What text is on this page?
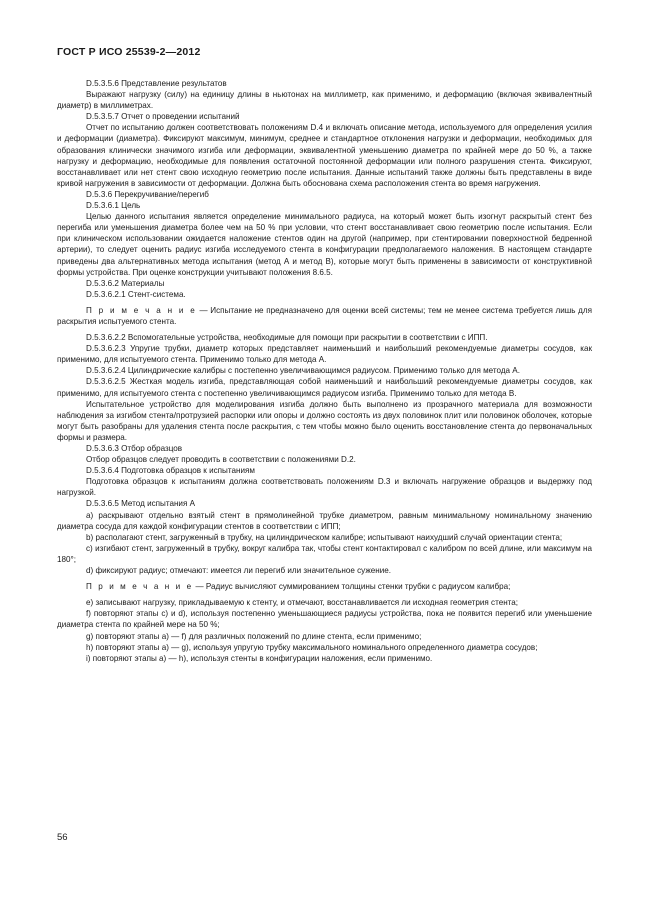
ГОСТ Р ИСО 25539-2—2012

D.5.3.5.6 Представление результатов

Выражают нагрузку (силу) на единицу длины в ньютонах на миллиметр, как применимо, и деформацию (включая эквивалентный диаметр) в миллиметрах.

D.5.3.5.7 Отчет о проведении испытаний

Отчет по испытанию должен соответствовать положениям D.4 и включать описание метода, используемого для определения усилия и деформации (диаметра). Фиксируют максимум, минимум, среднее и стандартное отклонения нагрузки и деформации, необходимых для образования клинически значимого изгиба или деформации, эквивалентной уменьшению диаметра по крайней мере до 50 %, а также нагрузку и деформацию, необходимые для появления остаточной постоянной деформации или полного разрушения стента. Фиксируют, восстанавливает или нет стент свою исходную геометрию после испытания. Данные испытаний также должны быть представлены в виде кривой нагружения в зависимости от деформации. Должна быть обоснована схема расположения стента во время нагружения.

D.5.3.6 Перекручивание/перегиб

D.5.3.6.1 Цель

Целью данного испытания является определение минимального радиуса, на который может быть изогнут раскрытый стент без перегиба или уменьшения диаметра более чем на 50 % при условии, что стент восстанавливает свою геометрию после испытания. Если при клиническом использовании ожидается наложение стентов один на другой (например, при стентировании поверхностной бедренной артерии), то следует оценить радиус изгиба исследуемого стента в конфигурации предполагаемого наложения. В настоящем стандарте приведены два альтернативных метода испытания (метод А и метод В), которые могут быть применены в зависимости от конструктивной формы устройства. При оценке конструкции учитывают положения 8.6.5.

D.5.3.6.2 Материалы

D.5.3.6.2.1 Стент-система.

П р и м е ч а н и е — Испытание не предназначено для оценки всей системы; тем не менее система требуется лишь для раскрытия испытуемого стента.

D.5.3.6.2.2 Вспомогательные устройства, необходимые для помощи при раскрытии в соответствии с ИПП.

D.5.3.6.2.3 Упругие трубки, диаметр которых представляет наименьший и наибольший рекомендуемые диаметры сосудов, как применимо, для испытуемого стента. Применимо только для метода А.

D.5.3.6.2.4 Цилиндрические калибры с постепенно увеличивающимся радиусом. Применимо только для метода А.

D.5.3.6.2.5 Жесткая модель изгиба, представляющая собой наименьший и наибольший рекомендуемые диаметры сосудов, как применимо, для испытуемого стента с постепенно увеличивающимся радиусом изгиба. Применимо только для метода В.

Испытательное устройство для моделирования изгиба должно быть выполнено из прозрачного материала для возможности наблюдения за изгибом стента/протрузией распорки или опоры и должно состоять из двух половинок плит или половинок оболочек, которые могут быть разобраны для удаления стента после раскрытия, с тем чтобы можно было оценить восстановление стента до первоначальных формы и размера.

D.5.3.6.3 Отбор образцов

Отбор образцов следует проводить в соответствии с положениями D.2.

D.5.3.6.4 Подготовка образцов к испытаниям

Подготовка образцов к испытаниям должна соответствовать положениям D.3 и включать нагружение образцов и выдержку под нагрузкой.

D.5.3.6.5 Метод испытания А

а) раскрывают отдельно взятый стент в прямолинейной трубке диаметром, равным минимальному номинальному значению диаметра сосуда для каждой конфигурации стентов в соответствии с ИПП;

b) располагают стент, загруженный в трубку, на цилиндрическом калибре; испытывают наихудший случай ориентации стента;

c) изгибают стент, загруженный в трубку, вокруг калибра так, чтобы стент контактировал с калибром по всей длине, или максимум на 180°;

d) фиксируют радиус; отмечают: имеется ли перегиб или значительное сужение.

П р и м е ч а н и е — Радиус вычисляют суммированием толщины стенки трубки с радиусом калибра;

e) записывают нагрузку, прикладываемую к стенту, и отмечают, восстанавливается ли исходная геометрия стента;

f) повторяют этапы c) и d), используя постепенно уменьшающиеся радиусы устройства, пока не появится перегиб или уменьшение диаметра стента по крайней мере на 50 %;

g) повторяют этапы a) — f) для различных положений по длине стента, если применимо;

h) повторяют этапы a) — g), используя упругую трубку максимального номинального определенного диаметра сосудов;

i) повторяют этапы a) — h), используя стенты в конфигурации наложения, если применимо.

56
